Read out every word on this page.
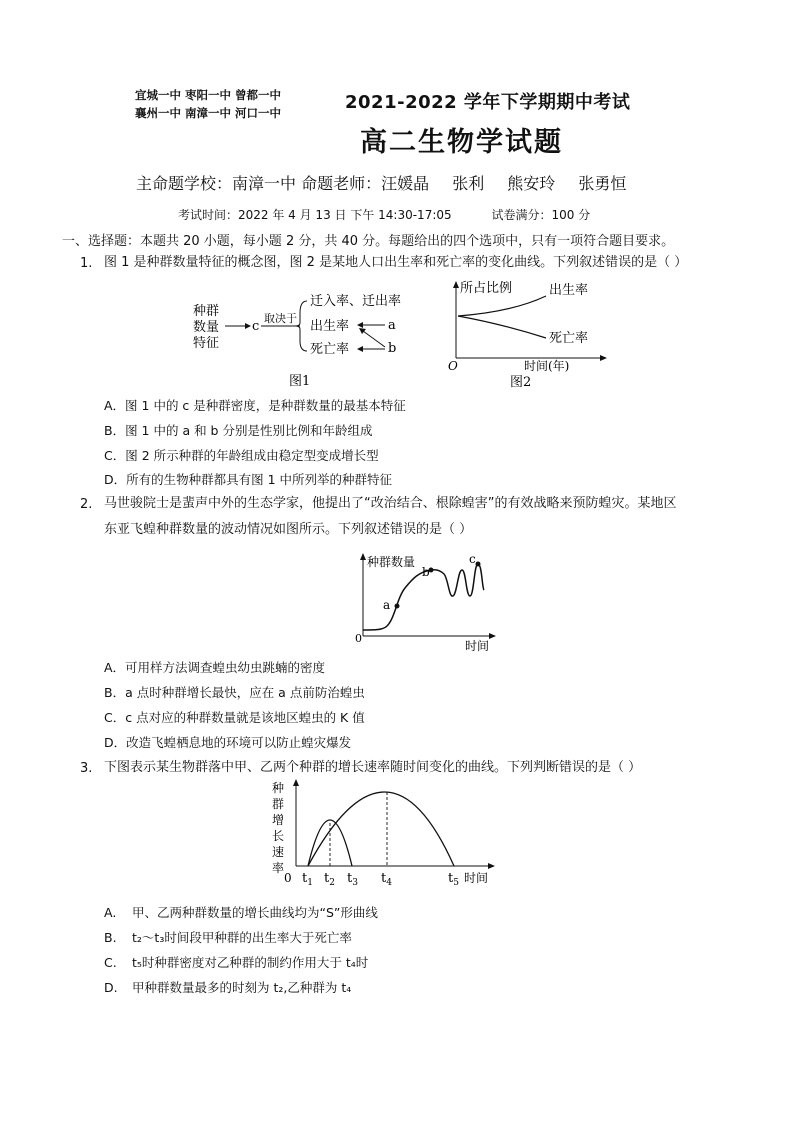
宜城一中 枣阳一中 曾都一中
襄州一中 南漳一中 河口一中	2021-2022 学年下学期期中考试
高二生物学试题
主命题学校：南漳一中 命题老师：汪媛晶 张利 熊安玲 张勇恒
考试时间：2022 年 4 月 13 日 下午 14:30-17:05	试卷满分：100 分
一、选择题：本题共 20 小题，每小题 2 分，共 40 分。每题给出的四个选项中，只有一项符合题目要求。
1. 图 1 是种群数量特征的概念图，图 2 是某地人口出生率和死亡率的变化曲线。下列叙述错误的是（ ）
种群
数量
特征
c
取决于
迁入率、迁出率
出生率
死亡率
a
b
图1
所占比例	出生率
死亡率
O	时间(年)
图2
A．图 1 中的 c 是种群密度，是种群数量的最基本特征
B．图 1 中的 a 和 b 分别是性别比例和年龄组成
C．图 2 所示种群的年龄组成由稳定型变成增长型
D．所有的生物种群都具有图 1 中所列举的种群特征
2. 马世骏院士是蜚声中外的生态学家，他提出了“改治结合、根除蝗害”的有效战略来预防蝗灾。某地区
东亚飞蝗种群数量的波动情况如图所示。下列叙述错误的是（ ）
种群数量
0
时间
a
b
c
A．可用样方法调查蝗虫幼虫跳蝻的密度
B．a 点时种群增长最快，应在 a 点前防治蝗虫
C．c 点对应的种群数量就是该地区蝗虫的 K 值
D．改造飞蝗栖息地的环境可以防止蝗灾爆发
3. 下图表示某生物群落中甲、乙两个种群的增长速率随时间变化的曲线。下列判断错误的是（ ）
种
群
增
长
速
率
0 $t_1$ $t_2$ $t_3$ $t_4$	$t_5$ 时间
A. 甲、乙两种群数量的增长曲线均为“S”形曲线
B. t₂～t₃时间段甲种群的出生率大于死亡率
C. t₅时种群密度对乙种群的制约作用大于 t₄时
D. 甲种群数量最多的时刻为 t₂,乙种群为 t₄
